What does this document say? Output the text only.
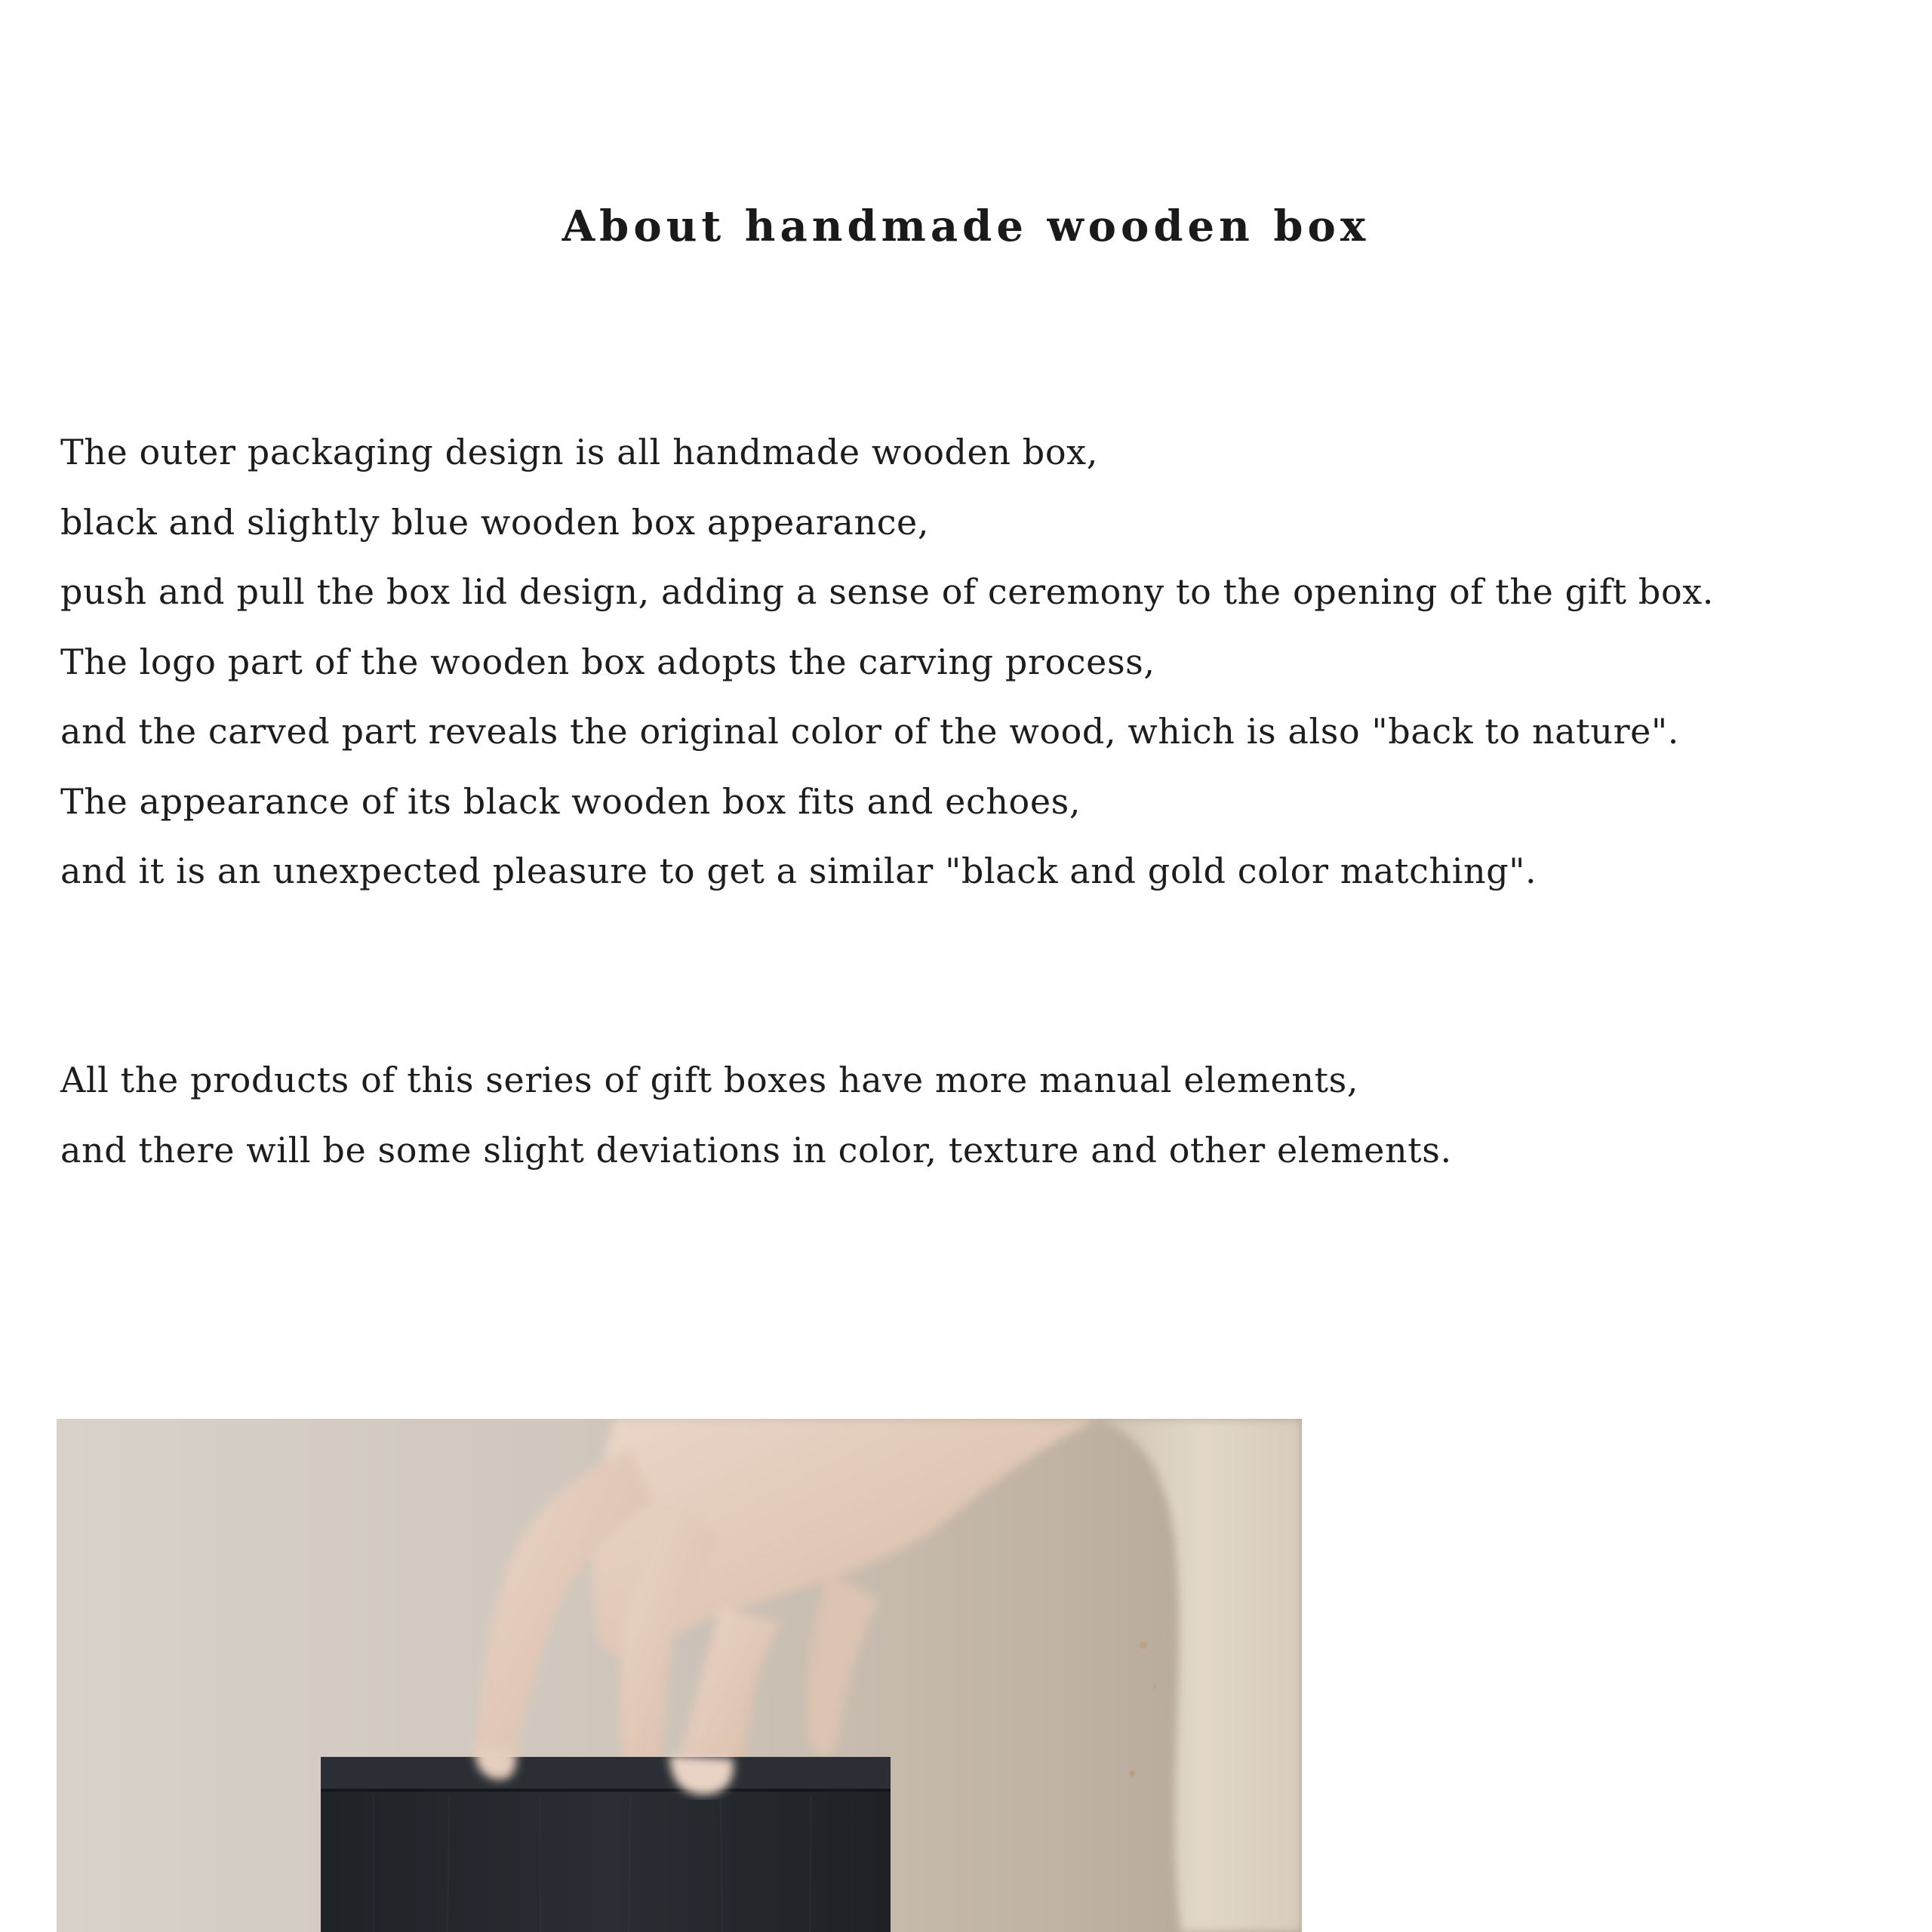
About handmade wooden box

The outer packaging design is all handmade wooden box,
black and slightly blue wooden box appearance,
push and pull the box lid design, adding a sense of ceremony to the opening of the gift box.
The logo part of the wooden box adopts the carving process,
and the carved part reveals the original color of the wood, which is also "back to nature".
The appearance of its black wooden box fits and echoes,
and it is an unexpected pleasure to get a similar "black and gold color matching".

All the products of this series of gift boxes have more manual elements,
and there will be some slight deviations in color, texture and other elements.
